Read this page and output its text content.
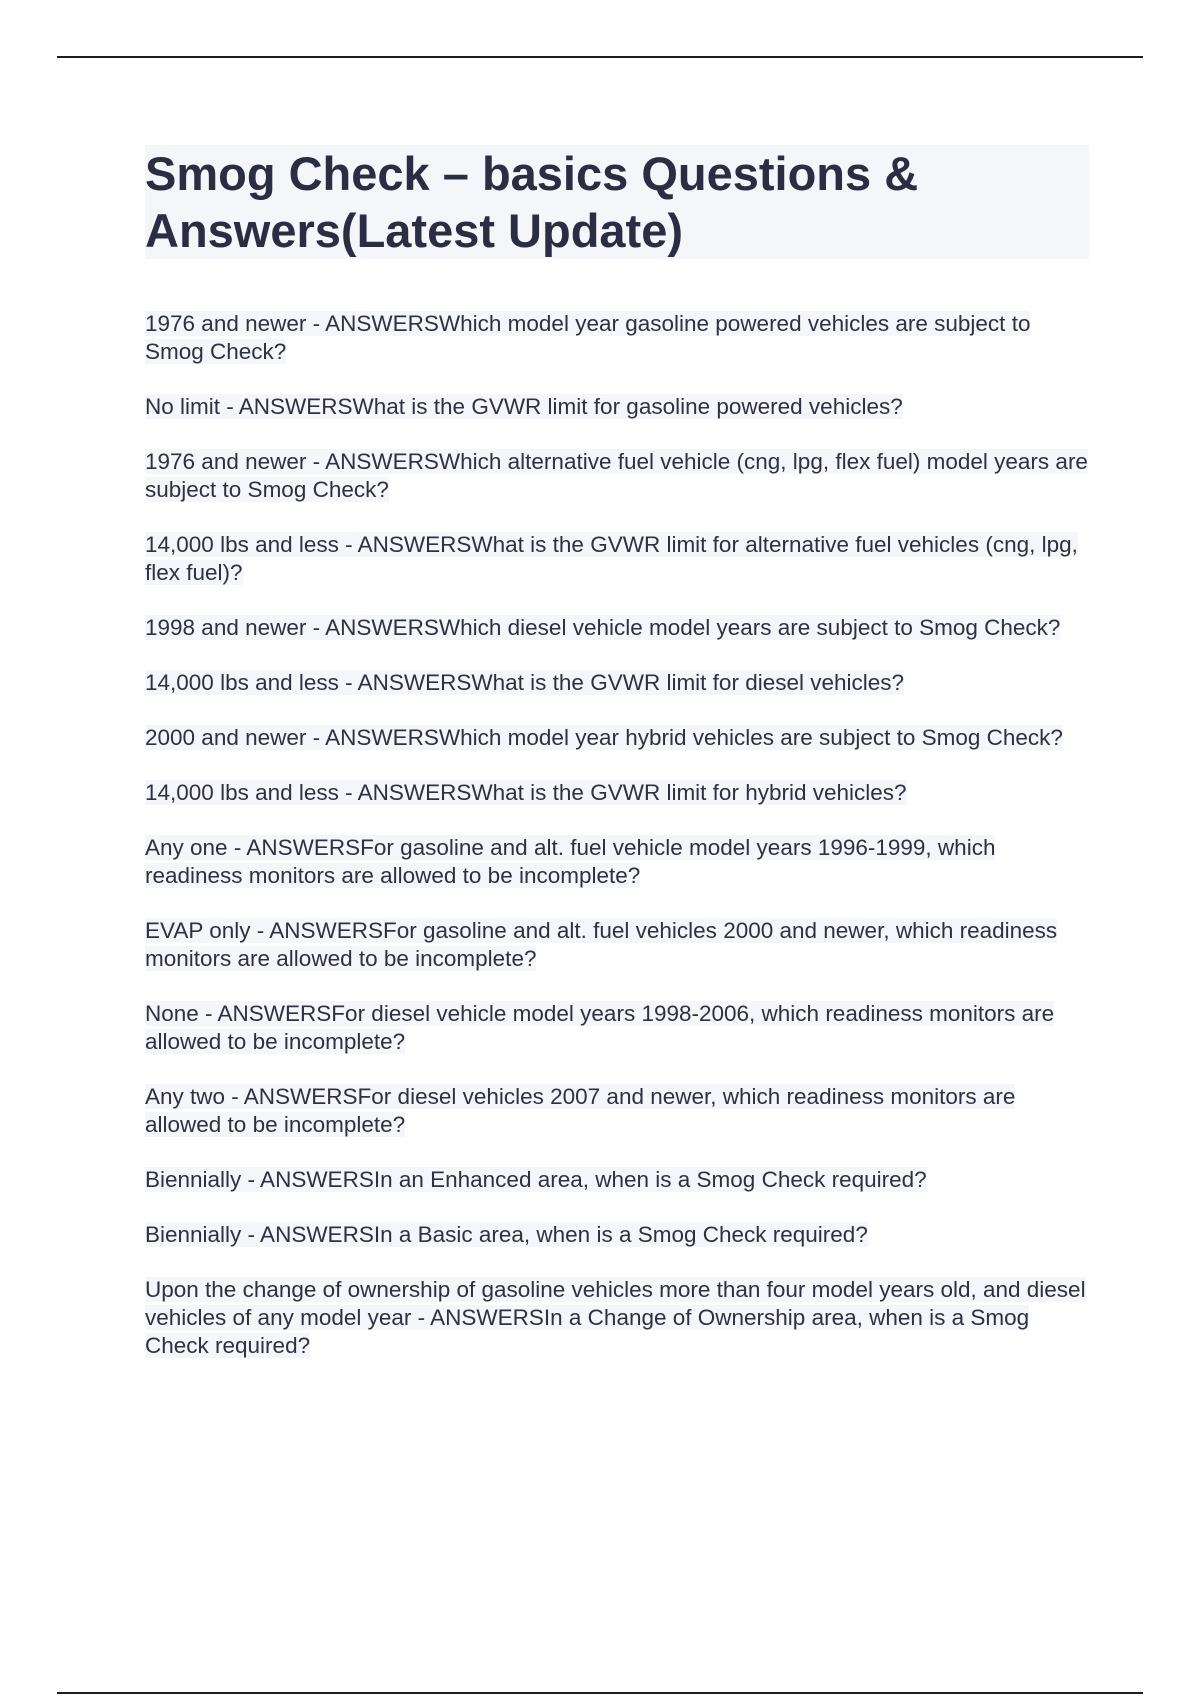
Smog Check – basics Questions & Answers(Latest Update)

1976 and newer - ANSWERSWhich model year gasoline powered vehicles are subject to Smog Check?

No limit - ANSWERSWhat is the GVWR limit for gasoline powered vehicles?

1976 and newer - ANSWERSWhich alternative fuel vehicle (cng, lpg, flex fuel) model years are subject to Smog Check?

14,000 lbs and less - ANSWERSWhat is the GVWR limit for alternative fuel vehicles (cng, lpg, flex fuel)?

1998 and newer - ANSWERSWhich diesel vehicle model years are subject to Smog Check?

14,000 lbs and less - ANSWERSWhat is the GVWR limit for diesel vehicles?

2000 and newer - ANSWERSWhich model year hybrid vehicles are subject to Smog Check?

14,000 lbs and less - ANSWERSWhat is the GVWR limit for hybrid vehicles?

Any one - ANSWERSFor gasoline and alt. fuel vehicle model years 1996-1999, which readiness monitors are allowed to be incomplete?

EVAP only - ANSWERSFor gasoline and alt. fuel vehicles 2000 and newer, which readiness monitors are allowed to be incomplete?

None - ANSWERSFor diesel vehicle model years 1998-2006, which readiness monitors are allowed to be incomplete?

Any two - ANSWERSFor diesel vehicles 2007 and newer, which readiness monitors are allowed to be incomplete?

Biennially - ANSWERSIn an Enhanced area, when is a Smog Check required?

Biennially - ANSWERSIn a Basic area, when is a Smog Check required?

Upon the change of ownership of gasoline vehicles more than four model years old, and diesel vehicles of any model year - ANSWERSIn a Change of Ownership area, when is a Smog Check required?
